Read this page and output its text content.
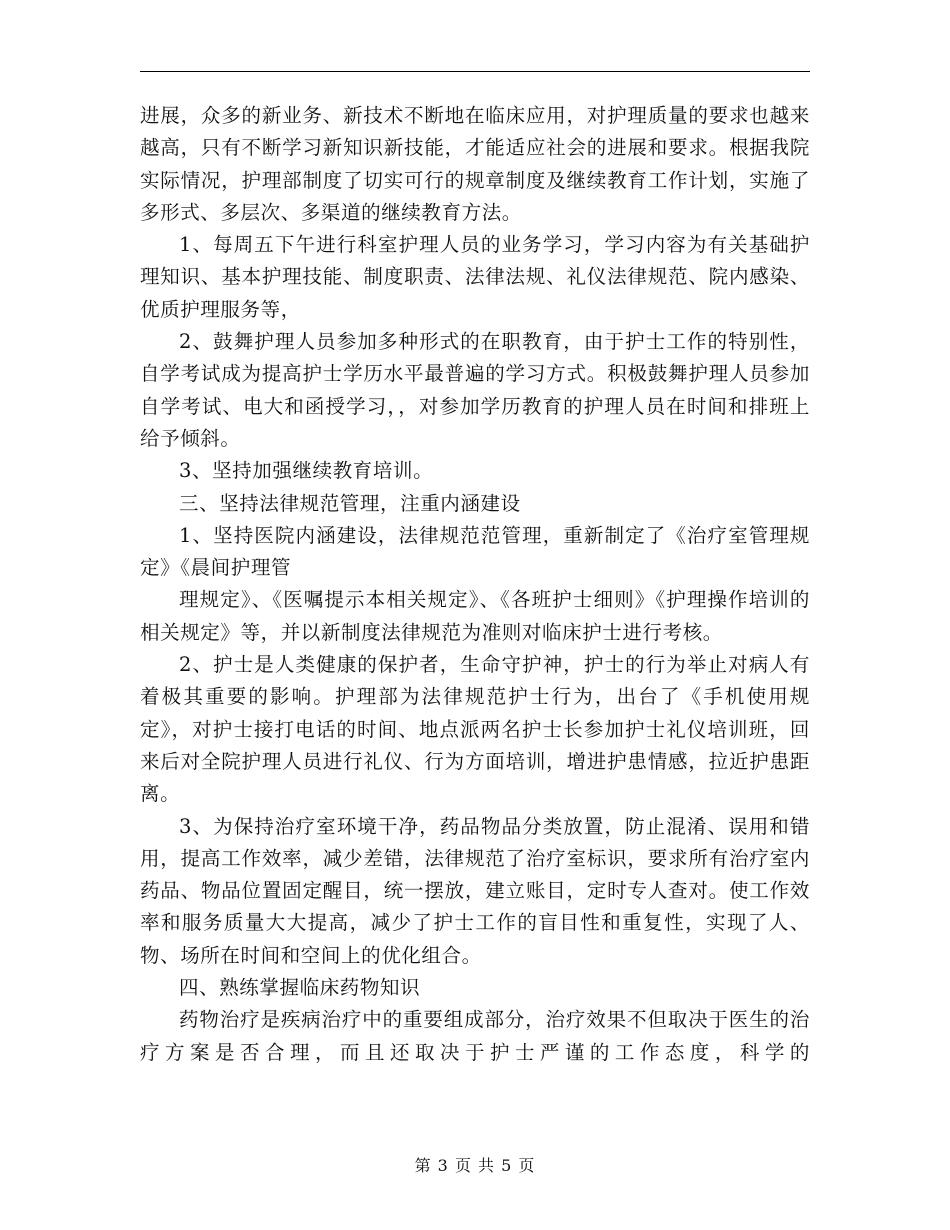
进展，众多的新业务、新技术不断地在临床应用，对护理质量的要求也越来越高，只有不断学习新知识新技能，才能适应社会的进展和要求。根据我院实际情况，护理部制度了切实可行的规章制度及继续教育工作计划，实施了多形式、多层次、多渠道的继续教育方法。

1、每周五下午进行科室护理人员的业务学习，学习内容为有关基础护理知识、基本护理技能、制度职责、法律法规、礼仪法律规范、院内感染、优质护理服务等，

2、鼓舞护理人员参加多种形式的在职教育，由于护士工作的特别性，自学考试成为提高护士学历水平最普遍的学习方式。积极鼓舞护理人员参加自学考试、电大和函授学习，，对参加学历教育的护理人员在时间和排班上给予倾斜。

3、坚持加强继续教育培训。

三、坚持法律规范管理，注重内涵建设

1、坚持医院内涵建设，法律规范范管理，重新制定了《治疗室管理规定》《晨间护理管

理规定》、《医嘱提示本相关规定》、《各班护士细则》《护理操作培训的相关规定》等，并以新制度法律规范为准则对临床护士进行考核。

2、护士是人类健康的保护者，生命守护神，护士的行为举止对病人有着极其重要的影响。护理部为法律规范护士行为，出台了《手机使用规定》，对护士接打电话的时间、地点派两名护士长参加护士礼仪培训班，回来后对全院护理人员进行礼仪、行为方面培训，增进护患情感，拉近护患距离。

3、为保持治疗室环境干净，药品物品分类放置，防止混淆、误用和错用，提高工作效率，减少差错，法律规范了治疗室标识，要求所有治疗室内药品、物品位置固定醒目，统一摆放，建立账目，定时专人查对。使工作效率和服务质量大大提高，减少了护士工作的盲目性和重复性，实现了人、物、场所在时间和空间上的优化组合。

四、熟练掌握临床药物知识

药物治疗是疾病治疗中的重要组成部分，治疗效果不但取决于医生的治疗方案是否合理，而且还取决于护士严谨的工作态度，科学的

第 3 页 共 5 页
